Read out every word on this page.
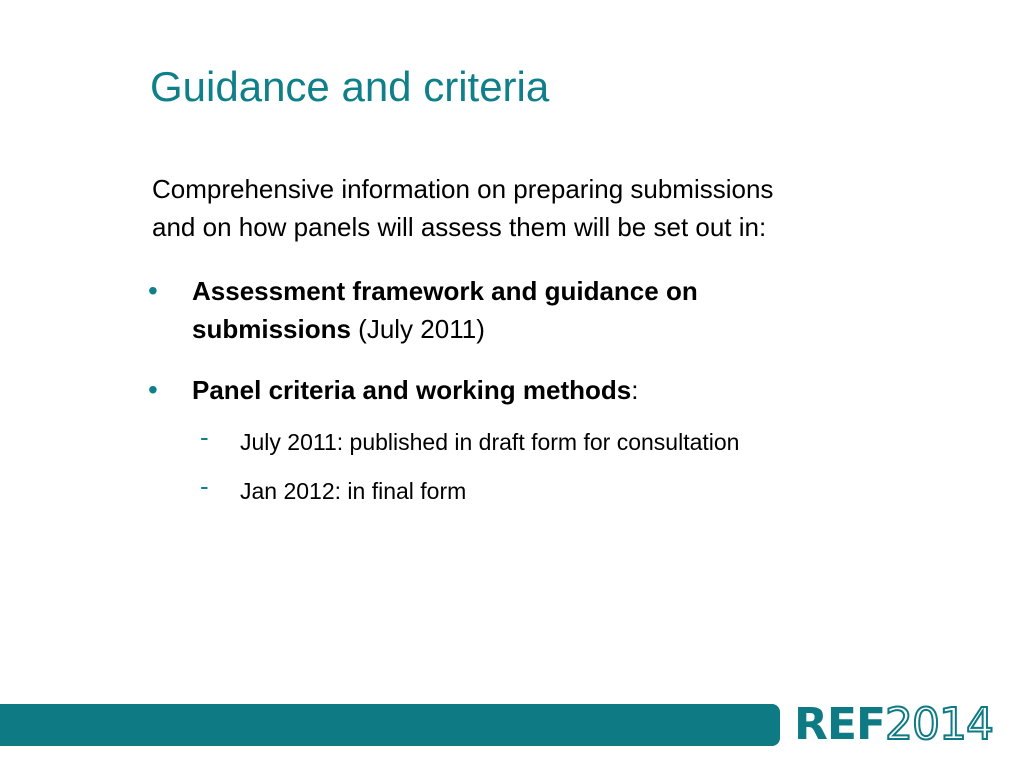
Guidance and criteria

Comprehensive information on preparing submissions
and on how panels will assess them will be set out in:

• Assessment framework and guidance on
submissions (July 2011)
• Panel criteria and working methods:
- July 2011: published in draft form for consultation
- Jan 2012: in final form
REF2014
